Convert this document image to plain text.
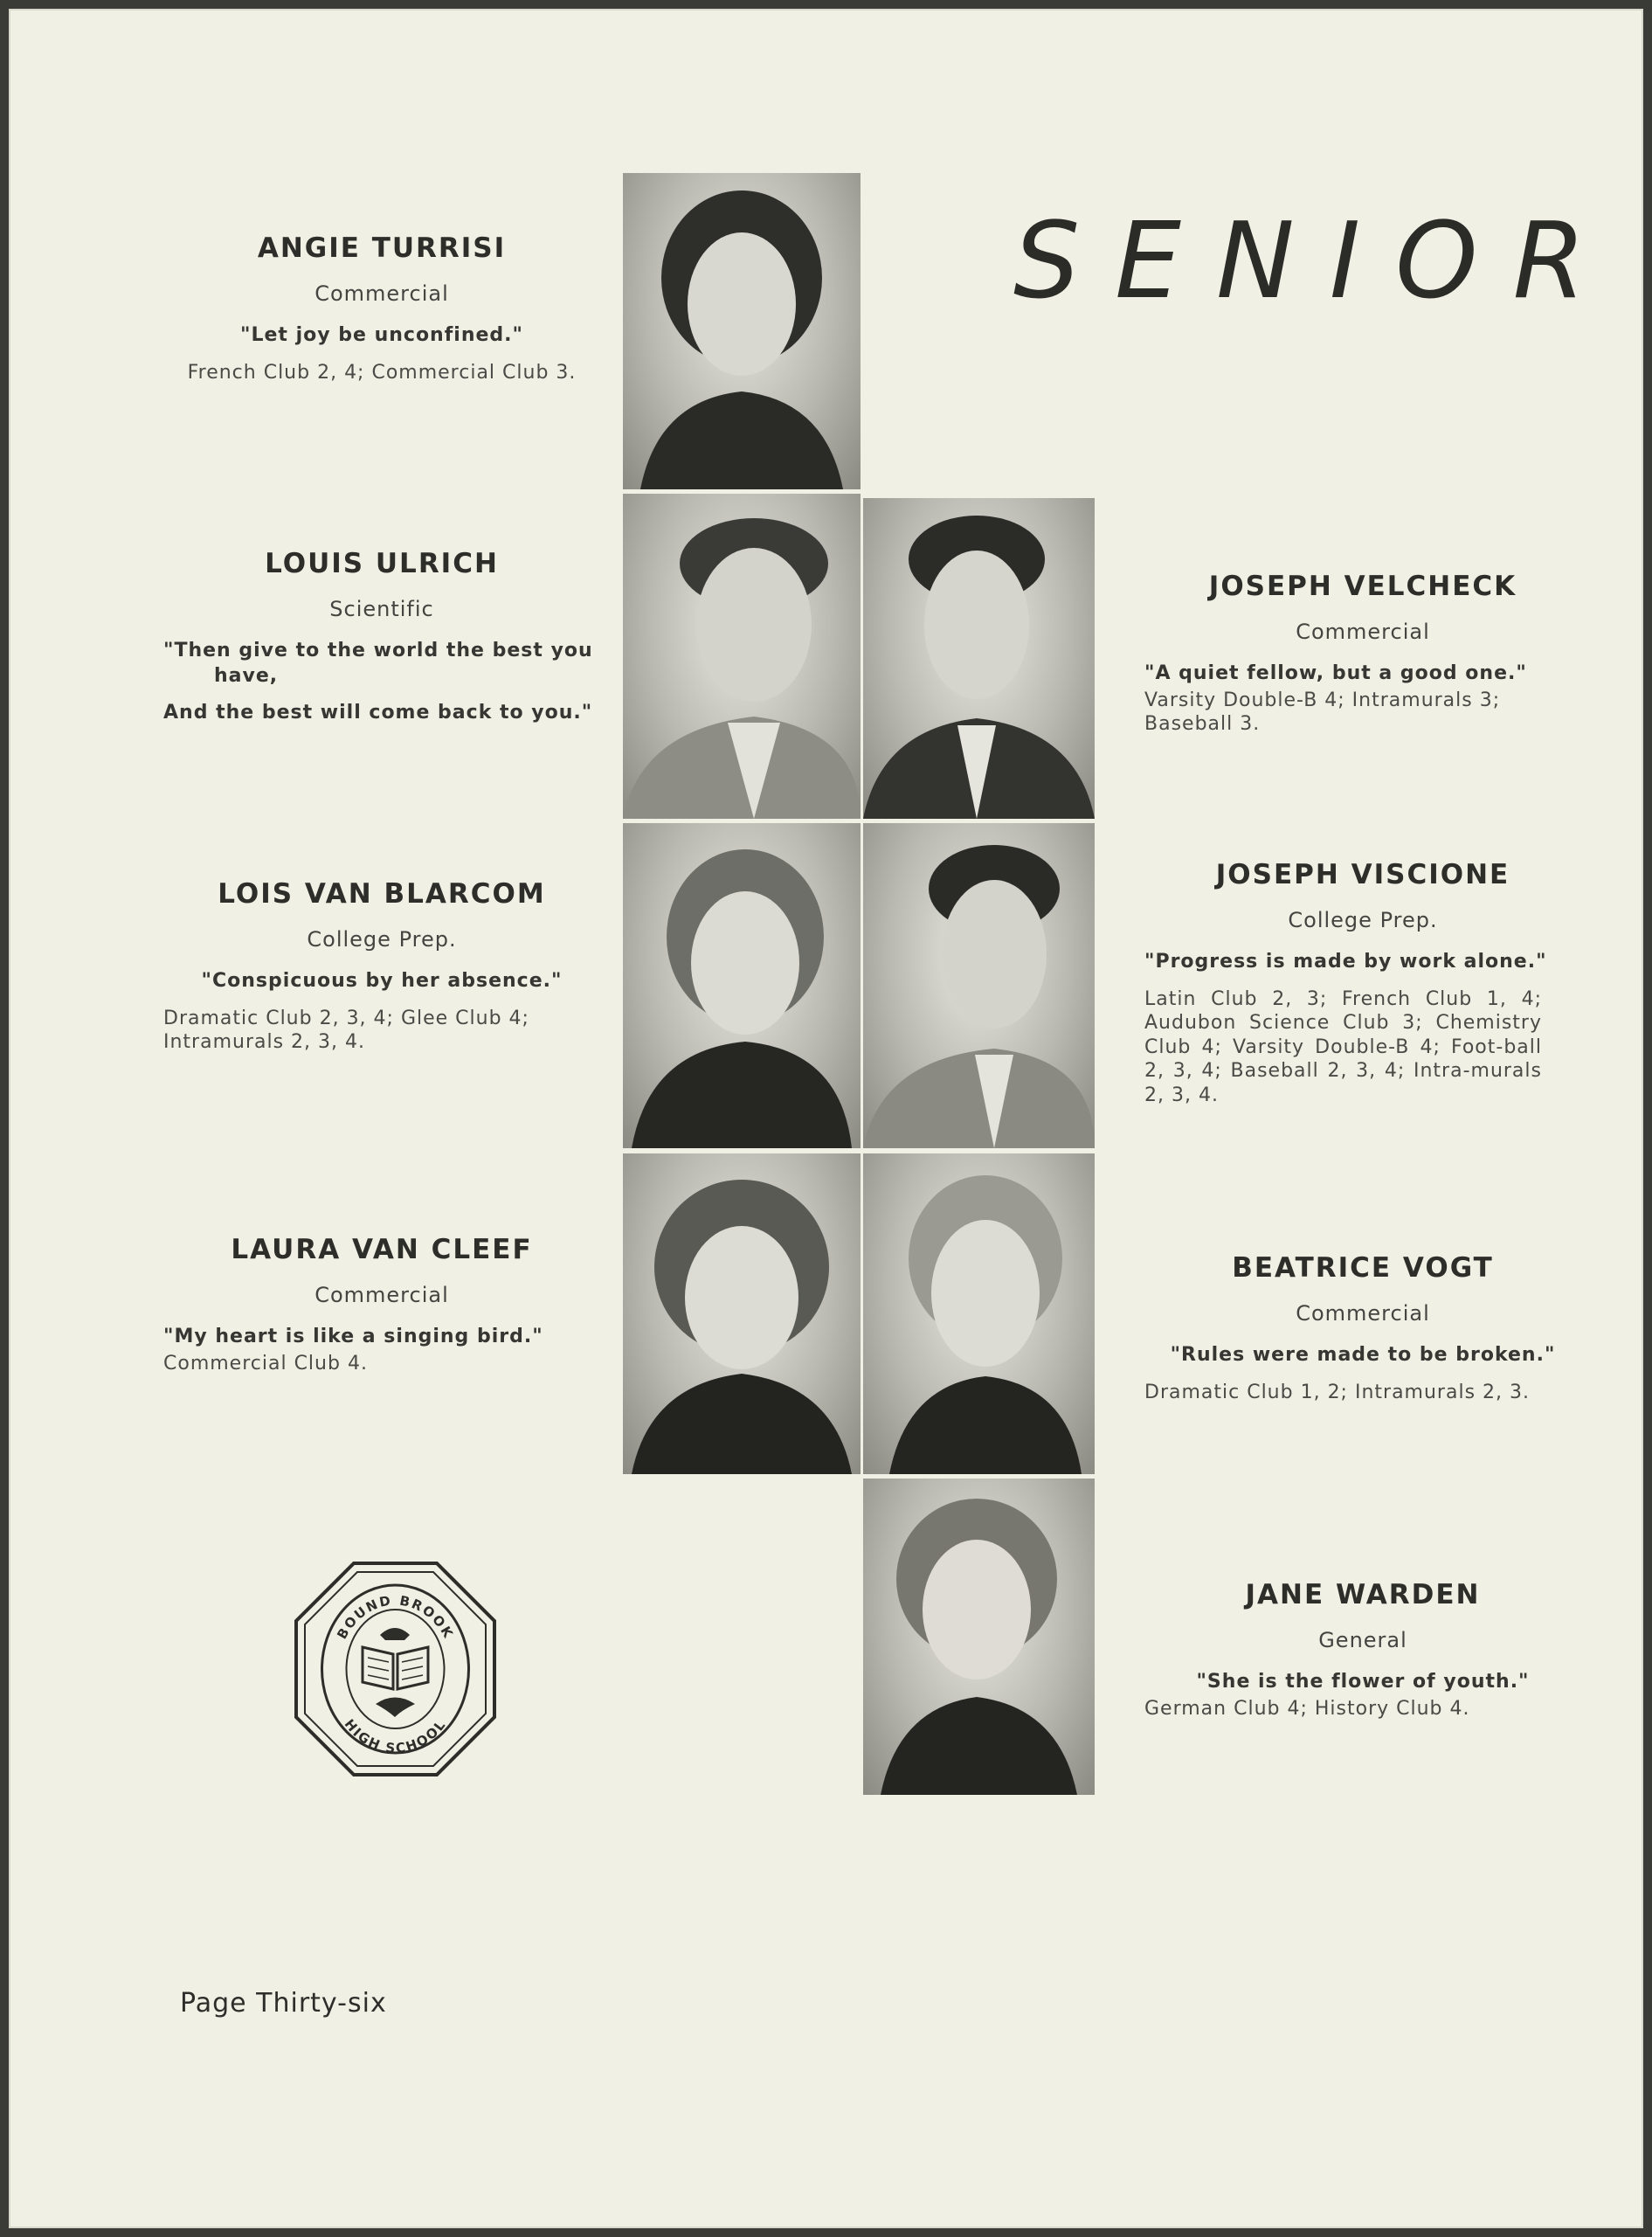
SENIOR
ANGIE TURRISI
Commercial
"Let joy be unconfined."
French Club 2, 4; Commercial Club 3.
LOUIS ULRICH
Scientific
"Then give to the world the best you
have,
And the best will come back to you."
LOIS VAN BLARCOM
College Prep.
"Conspicuous by her absence."
Dramatic Club 2, 3, 4; Glee Club 4; Intramurals 2, 3, 4.
LAURA VAN CLEEF
Commercial
"My heart is like a singing bird."
Commercial Club 4.
JOSEPH VELCHECK
Commercial
"A quiet fellow, but a good one."
Varsity Double-B 4; Intramurals 3; Baseball 3.
JOSEPH VISCIONE
College Prep.
"Progress is made by work alone."
Latin Club 2, 3; French Club 1, 4; Audubon Science Club 3; Chemistry Club 4; Varsity Double-B 4; Foot-ball 2, 3, 4; Baseball 2, 3, 4; Intra-murals 2, 3, 4.
BEATRICE VOGT
Commercial
"Rules were made to be broken."
Dramatic Club 1, 2; Intramurals 2, 3.
JANE WARDEN
General
"She is the flower of youth."
German Club 4; History Club 4.
BOUND BROOK
HIGH SCHOOL
Page Thirty-six
